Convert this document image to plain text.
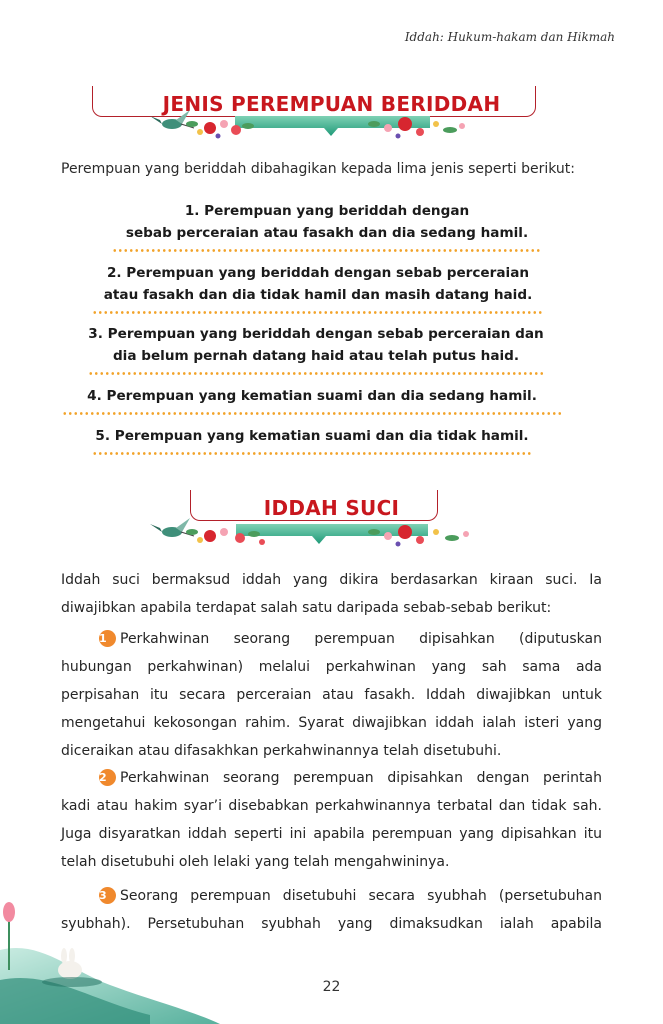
Iddah: Hukum-hakam dan Hikmah
JENIS PEREMPUAN BERIDDAH
Perempuan yang beriddah dibahagikan kepada lima jenis seperti berikut:
1. Perempuan yang beriddah dengan
sebab perceraian atau fasakh dan dia sedang hamil.
2. Perempuan yang beriddah dengan sebab perceraian
atau fasakh dan dia tidak hamil dan masih datang haid.
3. Perempuan yang beriddah dengan sebab perceraian dan
dia belum pernah datang haid atau telah putus haid.
4. Perempuan yang kematian suami dan dia sedang hamil.
5. Perempuan yang kematian suami dan dia tidak hamil.
IDDAH SUCI
Iddah suci bermaksud iddah yang dikira berdasarkan kiraan suci. Ia
diwajibkan apabila terdapat salah satu daripada sebab-sebab berikut:
1 Perkahwinan seorang perempuan dipisahkan (diputuskan
hubungan perkahwinan) melalui perkahwinan yang sah sama ada
perpisahan itu secara perceraian atau fasakh. Iddah diwajibkan untuk
mengetahui kekosongan rahim. Syarat diwajibkan iddah ialah isteri yang
diceraikan atau difasakhkan perkahwinannya telah disetubuhi.
2 Perkahwinan seorang perempuan dipisahkan dengan perintah
kadi atau hakim syar’i disebabkan perkahwinannya terbatal dan tidak sah.
Juga disyaratkan iddah seperti ini apabila perempuan yang dipisahkan itu
telah disetubuhi oleh lelaki yang telah mengahwininya.
3 Seorang perempuan disetubuhi secara syubhah (persetubuhan
syubhah). Persetubuhan syubhah yang dimaksudkan ialah apabila
22
